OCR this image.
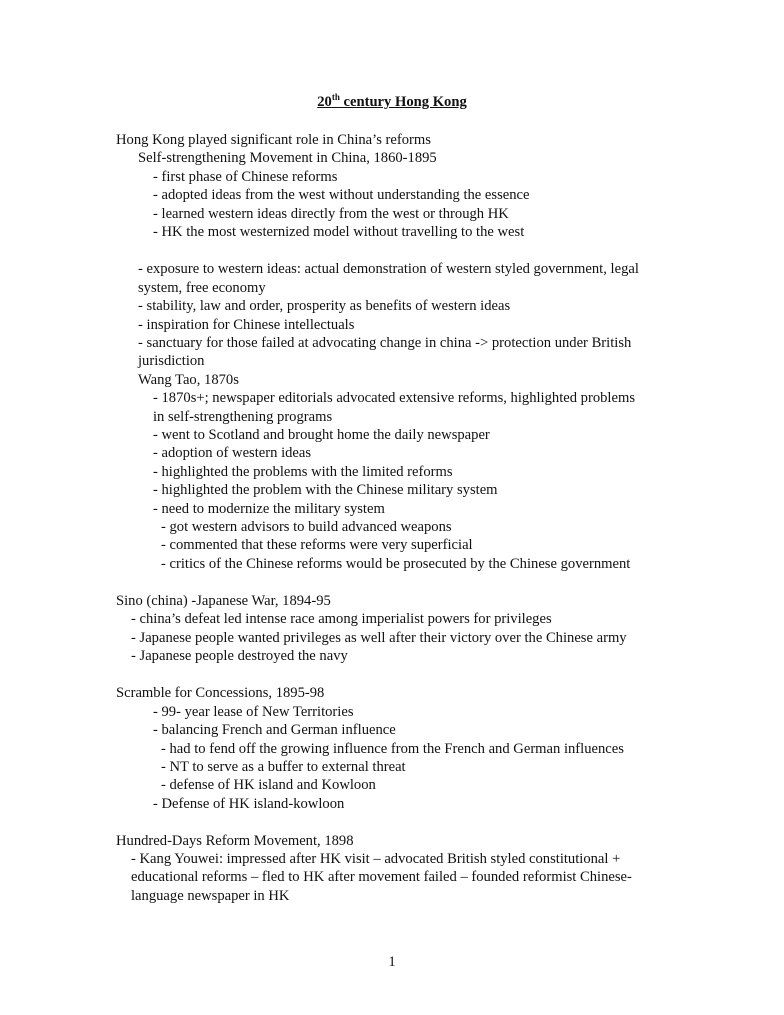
20th century Hong Kong
Hong Kong played significant role in China’s reforms
Self-strengthening Movement in China, 1860-1895
- first phase of Chinese reforms
- adopted ideas from the west without understanding the essence
- learned western ideas directly from the west or through HK
- HK the most westernized model without travelling to the west
- exposure to western ideas: actual demonstration of western styled government, legal
system, free economy
- stability, law and order, prosperity as benefits of western ideas
- inspiration for Chinese intellectuals
- sanctuary for those failed at advocating change in china -> protection under British
jurisdiction
Wang Tao, 1870s
- 1870s+; newspaper editorials advocated extensive reforms, highlighted problems
in self-strengthening programs
- went to Scotland and brought home the daily newspaper
- adoption of western ideas
- highlighted the problems with the limited reforms
- highlighted the problem with the Chinese military system
- need to modernize the military system
- got western advisors to build advanced weapons
- commented that these reforms were very superficial
- critics of the Chinese reforms would be prosecuted by the Chinese government
Sino (china) -Japanese War, 1894-95
- china’s defeat led intense race among imperialist powers for privileges
- Japanese people wanted privileges as well after their victory over the Chinese army
- Japanese people destroyed the navy
Scramble for Concessions, 1895-98
- 99- year lease of New Territories
- balancing French and German influence
- had to fend off the growing influence from the French and German influences
- NT to serve as a buffer to external threat
- defense of HK island and Kowloon
- Defense of HK island-kowloon
Hundred-Days Reform Movement, 1898
- Kang Youwei: impressed after HK visit – advocated British styled constitutional +
educational reforms – fled to HK after movement failed – founded reformist Chinese-
language newspaper in HK
1
